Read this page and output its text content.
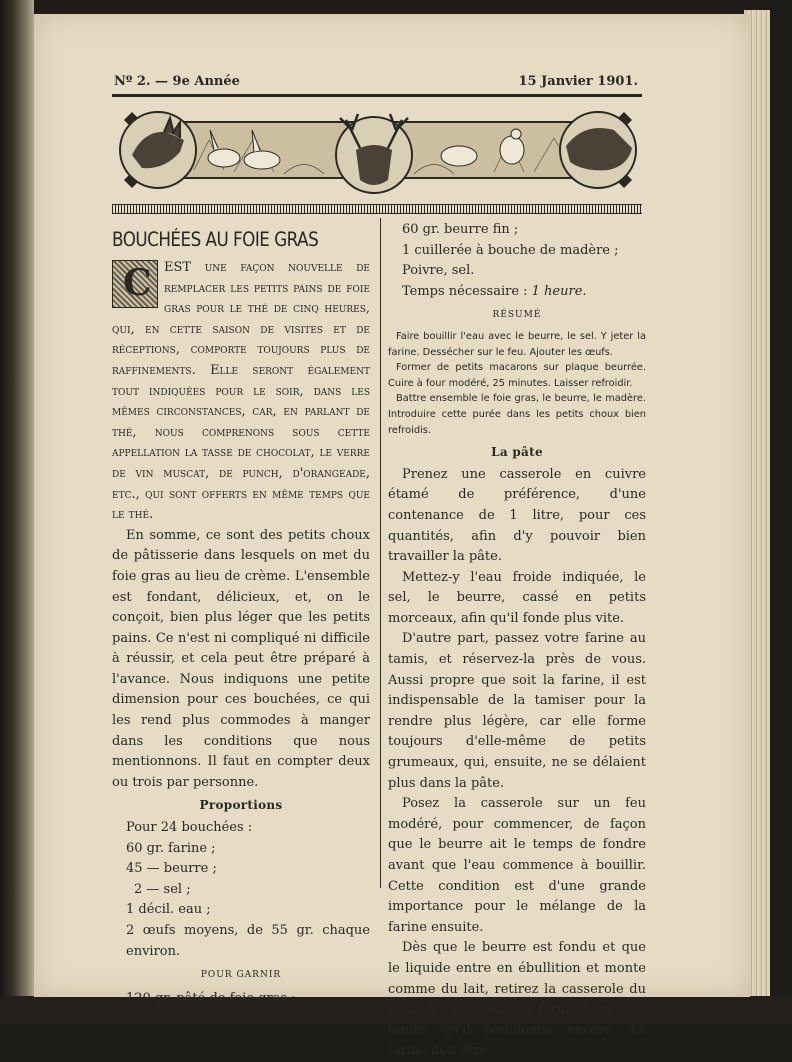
Nº 2. — 9e Année	15 Janvier 1901.
BOUCHÉES AU FOIE GRAS

C EST une façon nouvelle de remplacer les petits pains de foie gras pour le thé de cinq heures, qui, en cette saison de visites et de réceptions, comporte toujours plus de raffinements. Elle seront également tout indiquées pour le soir, dans les mêmes circonstances, car, en parlant de thé, nous comprenons sous cette appellation la tasse de chocolat, le verre de vin muscat, de punch, d'orangeade, etc., qui sont offerts en même temps que le thé.

En somme, ce sont des petits choux de pâtisserie dans lesquels on met du foie gras au lieu de crème. L'ensemble est fondant, délicieux, et, on le conçoit, bien plus léger que les petits pains. Ce n'est ni compliqué ni difficile à réussir, et cela peut être préparé à l'avance. Nous indiquons une petite dimension pour ces bouchées, ce qui les rend plus commodes à manger dans les conditions que nous mentionnons. Il faut en compter deux ou trois par personne.

Proportions

Pour 24 bouchées :

60 gr. farine ;

45 — beurre ;

2 — sel ;

1 décil. eau ;

2 œufs moyens, de 55 gr. chaque environ.

POUR GARNIR

120 gr. pâté de foie gras ;

60 gr. beurre fin ;

1 cuillerée à bouche de madère ;

Poivre, sel.

Temps nécessaire : 1 heure.

RÉSUMÉ

Faire bouillir l'eau avec le beurre, le sel. Y jeter la farine. Dessécher sur le feu. Ajouter les œufs.

Former de petits macarons sur plaque beurrée. Cuire à four modéré, 25 minutes. Laisser refroidir.

Battre ensemble le foie gras, le beurre, le madère. Introduire cette purée dans les petits choux bien refroidis.

La pâte

Prenez une casserole en cuivre étamé de préférence, d'une contenance de 1 litre, pour ces quantités, afin d'y pouvoir bien travailler la pâte.

Mettez-y l'eau froide indiquée, le sel, le beurre, cassé en petits morceaux, afin qu'il fonde plus vite.

D'autre part, passez votre farine au tamis, et réservez-la près de vous. Aussi propre que soit la farine, il est indispensable de la tamiser pour la rendre plus légère, car elle forme toujours d'elle-même de petits grumeaux, qui, ensuite, ne se délaient plus dans la pâte.

Posez la casserole sur un feu modéré, pour commencer, de façon que le beurre ait le temps de fondre avant que l'eau commence à bouillir. Cette condition est d'une grande importance pour le mélange de la farine ensuite.

Dès que le beurre est fondu et que le liquide entre en ébullition et monte comme du lait, retirez la casserole du plein feu et jetez-y la farine bien vite, tandis qu'il bouillonne encore. La farine doit être
